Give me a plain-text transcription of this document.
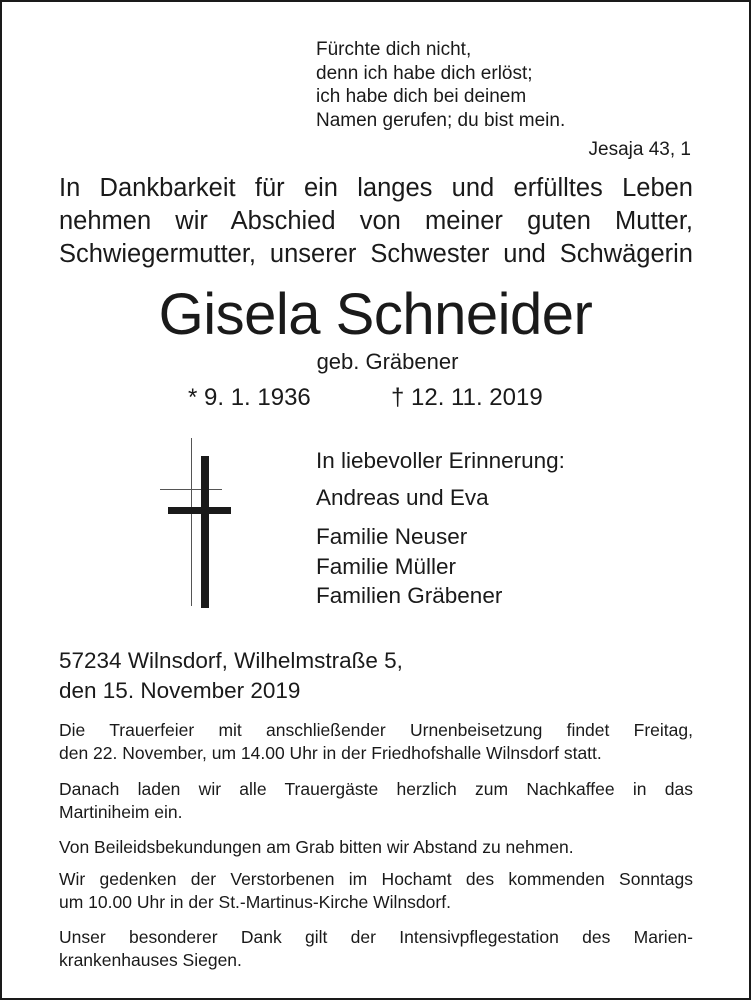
Fürchte dich nicht,
denn ich habe dich erlöst;
ich habe dich bei deinem
Namen gerufen; du bist mein.
Jesaja 43, 1
In Dankbarkeit für ein langes und erfülltes Leben
nehmen wir Abschied von meiner guten Mutter,
Schwiegermutter, unserer Schwester und Schwägerin
Gisela Schneider
geb. Gräbener
* 9. 1. 1936	† 12. 11. 2019
In liebevoller Erinnerung:
Andreas und Eva
Familie Neuser
Familie Müller
Familien Gräbener
57234 Wilnsdorf, Wilhelmstraße 5,
den 15. November 2019
Die Trauerfeier mit anschließender Urnenbeisetzung findet Freitag,
den 22. November, um 14.00 Uhr in der Friedhofshalle Wilnsdorf statt.
Danach laden wir alle Trauergäste herzlich zum Nachkaffee in das
Martiniheim ein.
Von Beileidsbekundungen am Grab bitten wir Abstand zu nehmen.
Wir gedenken der Verstorbenen im Hochamt des kommenden Sonntags
um 10.00 Uhr in der St.-Martinus-Kirche Wilnsdorf.
Unser besonderer Dank gilt der Intensivpflegestation des Marien-
krankenhauses Siegen.
